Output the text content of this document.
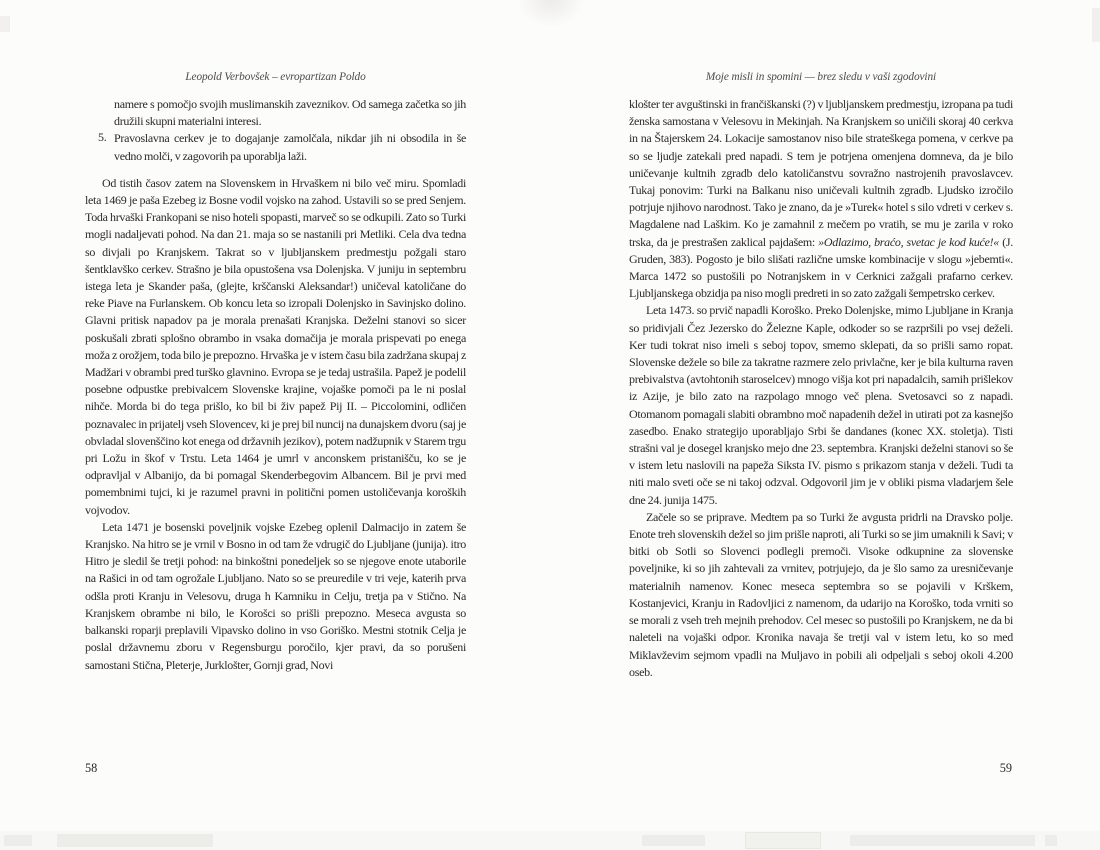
Leopold Verbovšek – evropartizan Poldo

namere s pomočjo svojih muslimanskih zaveznikov. Od samega začetka so jih družili skupni materialni interesi.

5. Pravoslavna cerkev je to dogajanje zamolčala, nikdar jih ni obsodila in še vedno molči, v zagovorih pa uporablja laži.

Od tistih časov zatem na Slovenskem in Hrvaškem ni bilo več miru. Spomladi leta 1469 je paša Ezebeg iz Bosne vodil vojsko na zahod. Ustavili so se pred Senjem. Toda hrvaški Frankopani se niso hoteli spopasti, marveč so se odkupili. Zato so Turki mogli nadaljevati pohod. Na dan 21. maja so se nastanili pri Metliki. Cela dva tedna so divjali po Kranjskem. Takrat so v ljubljanskem predmestju požgali staro šentklavško cerkev. Strašno je bila opustošena vsa Dolenjska. V juniju in septembru istega leta je Skander paša, (glejte, krščanski Aleksandar!) uničeval katoličane do reke Piave na Furlanskem. Ob koncu leta so izropali Dolenjsko in Savinjsko dolino. Glavni pritisk napadov pa je morala prenašati Kranjska. Deželni stanovi so sicer poskušali zbrati splošno obrambo in vsaka domačija je morala prispevati po enega moža z orožjem, toda bilo je prepozno. Hrvaška je v istem času bila zadržana skupaj z Madžari v obrambi pred turško glavnino. Evropa se je tedaj ustrašila. Papež je podelil posebne odpustke prebivalcem Slovenske krajine, vojaške pomoči pa le ni poslal nihče. Morda bi do tega prišlo, ko bil bi živ papež Pij II. – Piccolomini, odličen poznavalec in prijatelj vseh Slovencev, ki je prej bil nuncij na dunajskem dvoru (saj je obvladal slovenščino kot enega od državnih jezikov), potem nadžupnik v Starem trgu pri Ložu in škof v Trstu. Leta 1464 je umrl v anconskem pristanišču, ko se je odpravljal v Albanijo, da bi pomagal Skenderbegovim Albancem. Bil je prvi med pomembnimi tujci, ki je razumel pravni in politični pomen ustoličevanja koroških vojvodov.

Leta 1471 je bosenski poveljnik vojske Ezebeg oplenil Dalmacijo in zatem še Kranjsko. Na hitro se je vrnil v Bosno in od tam že vdrugič do Ljubljane (junija). itro Hitro je sledil še tretji pohod: na binkoštni ponedeljek so se njegove enote utaborile na Rašici in od tam ogrožale Ljubljano. Nato so se preuredile v tri veje, katerih prva odšla proti Kranju in Velesovu, druga h Kamniku in Celju, tretja pa v Stično. Na Kranjskem obrambe ni bilo, le Korošci so prišli prepozno. Meseca avgusta so balkanski roparji preplavili Vipavsko dolino in vso Goriško. Mestni stotnik Celja je poslal državnemu zboru v Regensburgu poročilo, kjer pravi, da so porušeni samostani Stična, Pleterje, Jurklošter, Gornji grad, Novi

58
Moje misli in spomini — brez sledu v vaši zgodovini

klošter ter avguštinski in frančiškanski (?) v ljubljanskem predmestju, izropana pa tudi ženska samostana v Velesovu in Mekinjah. Na Kranjskem so uničili skoraj 40 cerkva in na Štajerskem 24. Lokacije samostanov niso bile strateškega pomena, v cerkve pa so se ljudje zatekali pred napadi. S tem je potrjena omenjena domneva, da je bilo uničevanje kultnih zgradb delo katoličanstvu sovražno nastrojenih pravoslavcev. Tukaj ponovim: Turki na Balkanu niso uničevali kultnih zgradb. Ljudsko izročilo potrjuje njihovo narodnost. Tako je znano, da je »Turek« hotel s silo vdreti v cerkev s. Magdalene nad Laškim. Ko je zamahnil z mečem po vratih, se mu je zarila v roko trska, da je prestrašen zaklical pajdašem: »Odlazimo, braćo, svetac je kod kuće!« (J. Gruden, 383). Pogosto je bilo slišati različne umske kombinacije v slogu »jebemti«. Marca 1472 so pustošili po Notranjskem in v Cerknici zažgali prafarno cerkev. Ljubljanskega obzidja pa niso mogli predreti in so zato zažgali šempetrsko cerkev.

Leta 1473. so prvič napadli Koroško. Preko Dolenjske, mimo Ljubljane in Kranja so pridivjali Čez Jezersko do Železne Kaple, odkoder so se razpršili po vsej deželi. Ker tudi tokrat niso imeli s seboj topov, smemo sklepati, da so prišli samo ropat. Slovenske dežele so bile za takratne razmere zelo privlačne, ker je bila kulturna raven prebivalstva (avtohtonih staroselcev) mnogo višja kot pri napadalcih, samih prišlekov iz Azije, je bilo zato na razpolago mnogo več plena. Svetosavci so z napadi. Otomanom pomagali slabiti obrambno moč napadenih dežel in utirati pot za kasnejšo zasedbo. Enako strategijo uporabljajo Srbi še dandanes (konec XX. stoletja). Tisti strašni val je dosegel kranjsko mejo dne 23. septembra. Kranjski deželni stanovi so še v istem letu naslovili na papeža Siksta IV. pismo s prikazom stanja v deželi. Tudi ta niti malo sveti oče se ni takoj odzval. Odgovoril jim je v obliki pisma vladarjem šele dne 24. junija 1475.

Začele so se priprave. Medtem pa so Turki že avgusta pridrli na Dravsko polje. Enote treh slovenskih dežel so jim prišle naproti, ali Turki so se jim umaknili k Savi; v bitki ob Sotli so Slovenci podlegli premoči. Visoke odkupnine za slovenske poveljnike, ki so jih zahtevali za vrnitev, potrjujejo, da je šlo samo za uresničevanje materialnih namenov. Konec meseca septembra so se pojavili v Krškem, Kostanjevici, Kranju in Radovljici z namenom, da udarijo na Koroško, toda vrniti so se morali z vseh treh mejnih prehodov. Cel mesec so pustošili po Kranjskem, ne da bi naleteli na vojaški odpor. Kronika navaja še tretji val v istem letu, ko so med Miklavževim sejmom vpadli na Muljavo in pobili ali odpeljali s seboj okoli 4.200 oseb.

59
